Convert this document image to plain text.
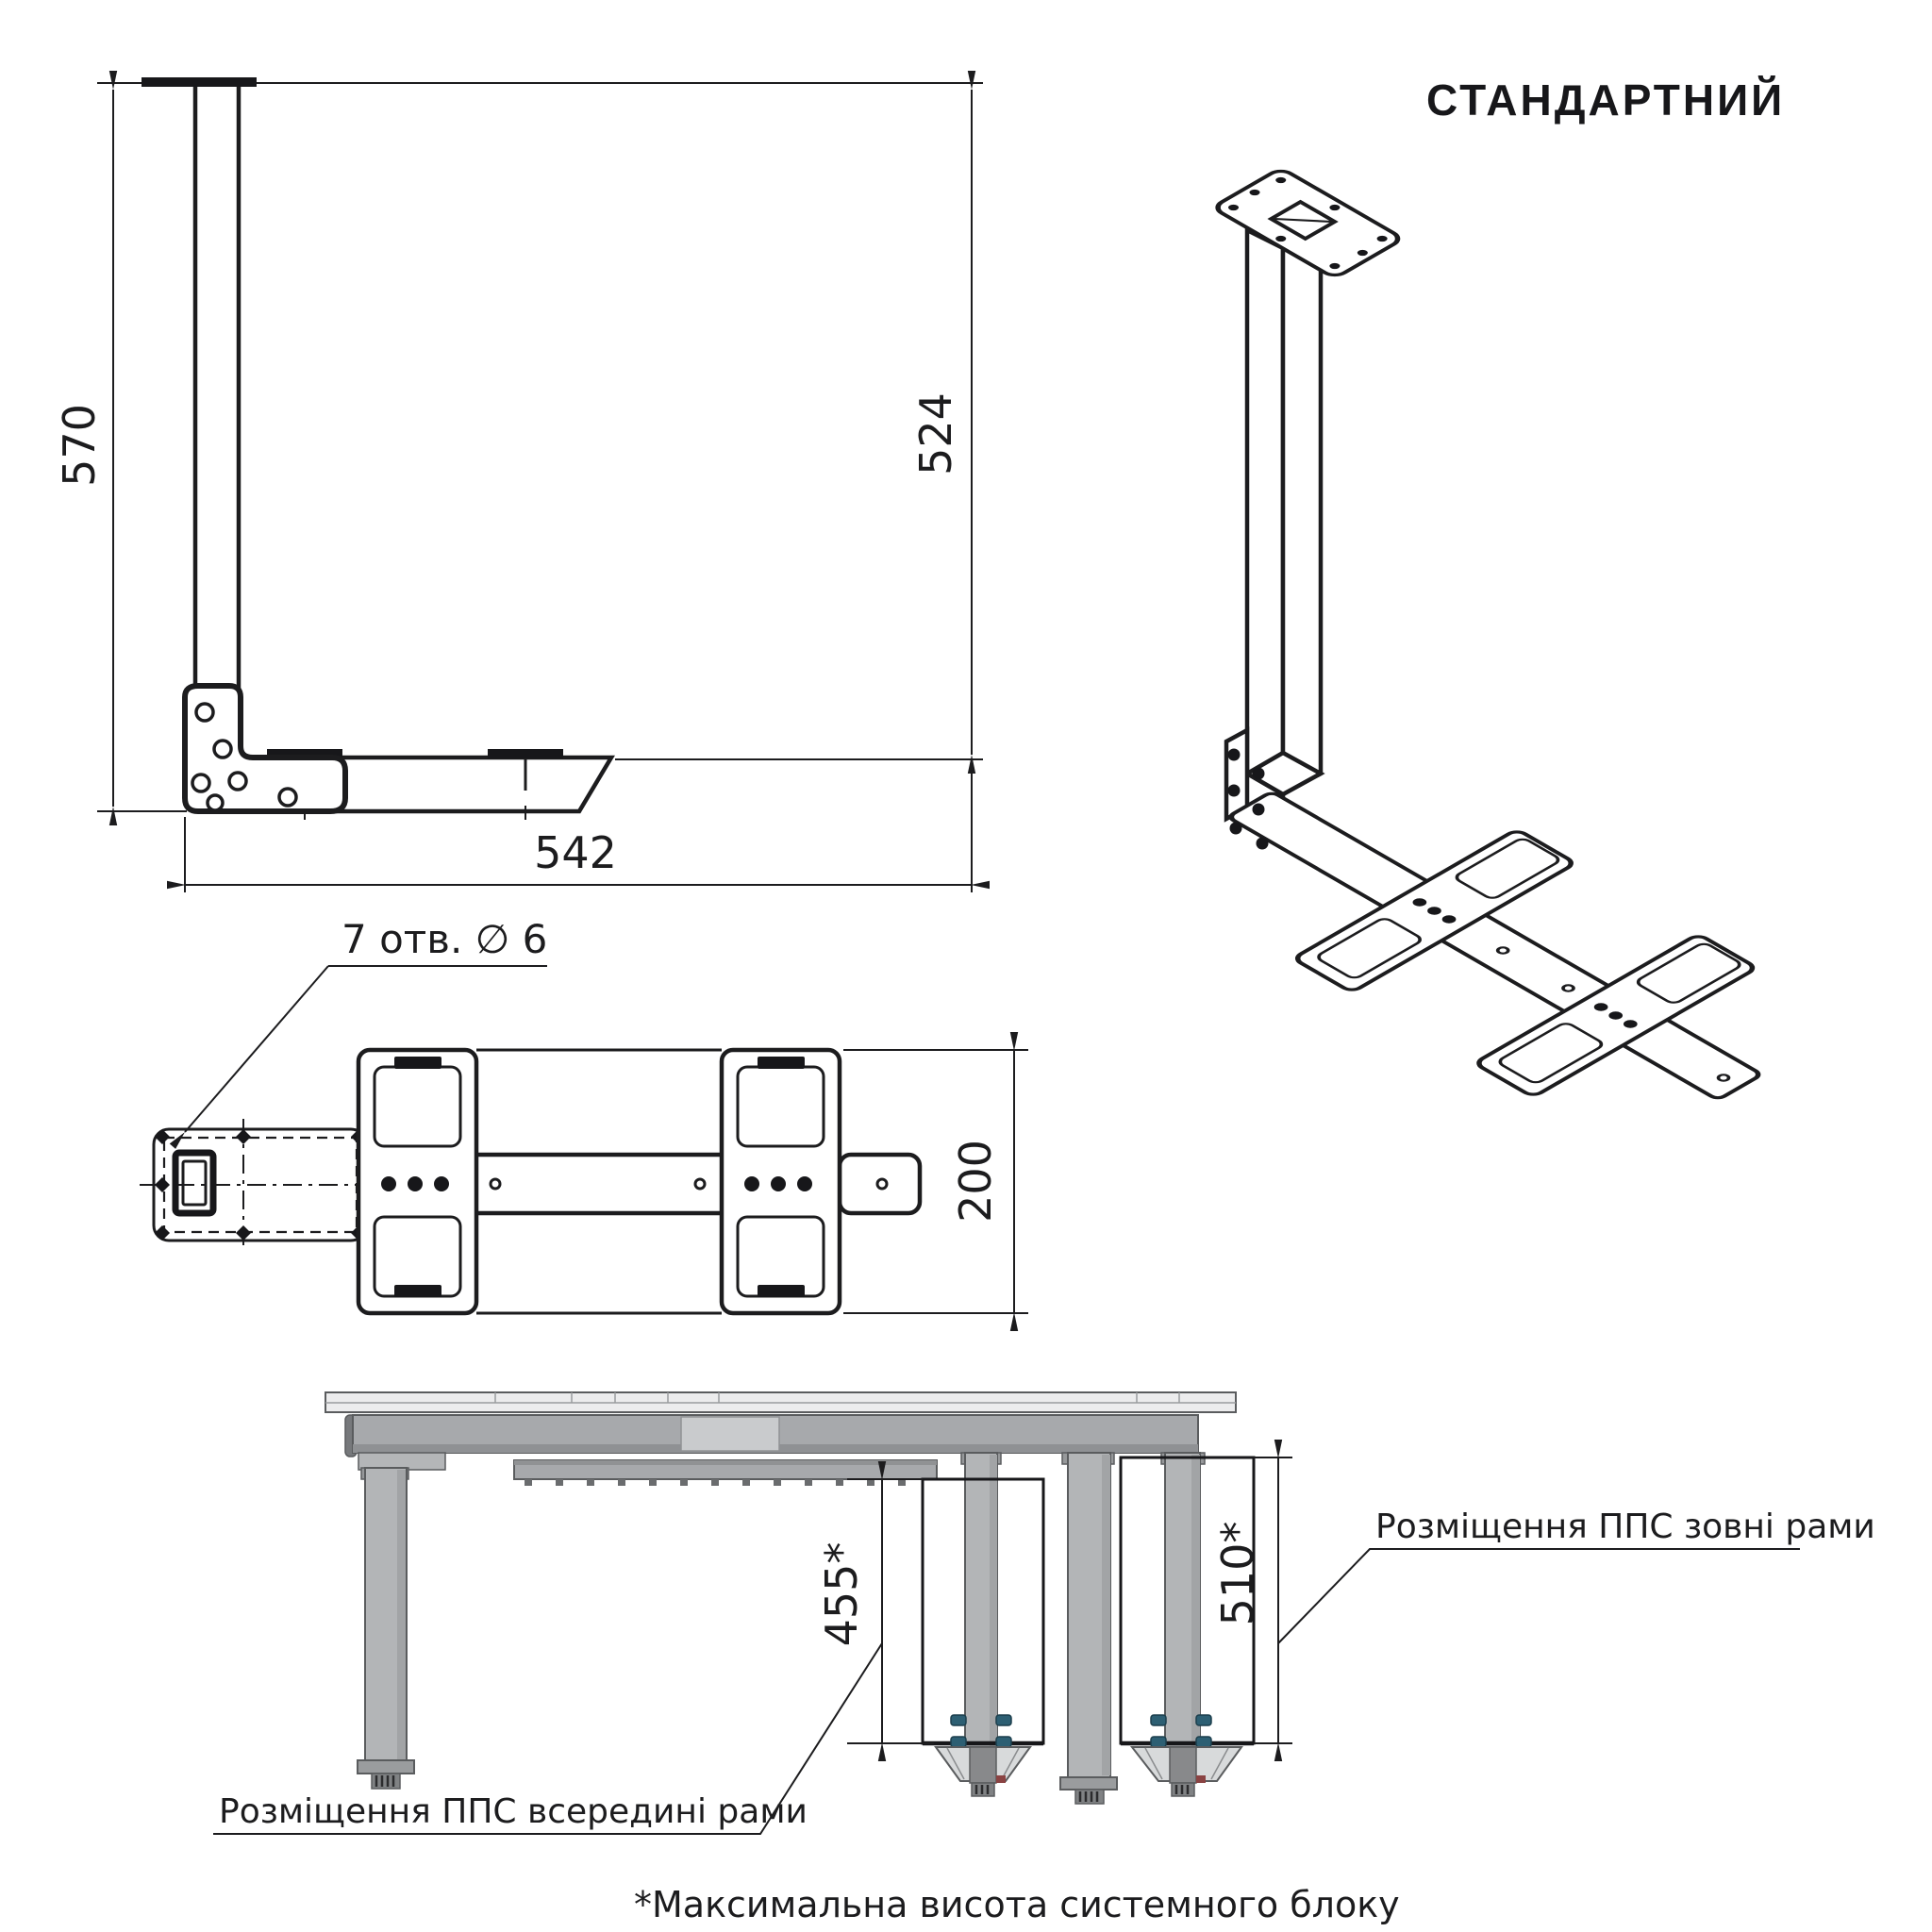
СТАНДАРТНИЙ
570	524
542
7 отв. ∅ 6
200
455*	510*	Розміщення ППС зовні рами
Розміщення ППС всередині рами
*Максимальна висота системного блоку
